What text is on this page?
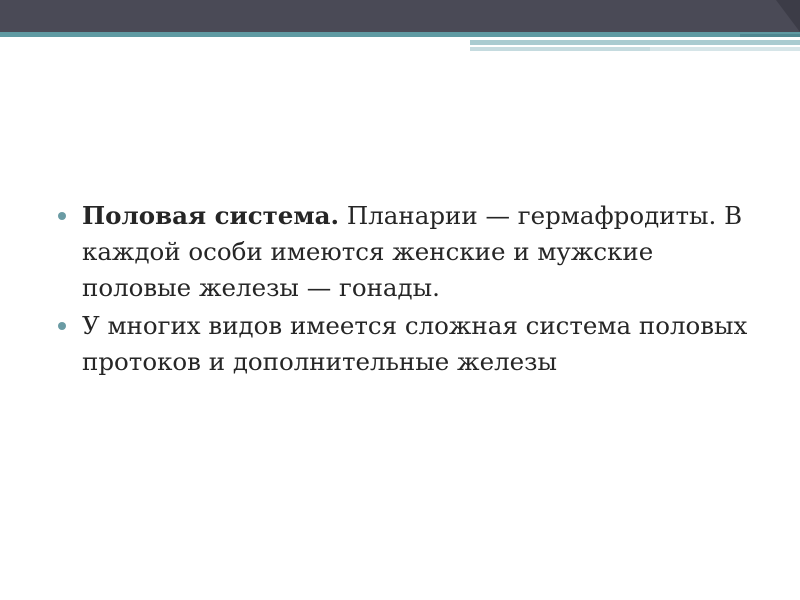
Половая система. Планарии — гермафродиты. В каждой особи имеются женские и мужские половые железы — гонады.
У многих видов имеется сложная система половых протоков и дополнительные железы
